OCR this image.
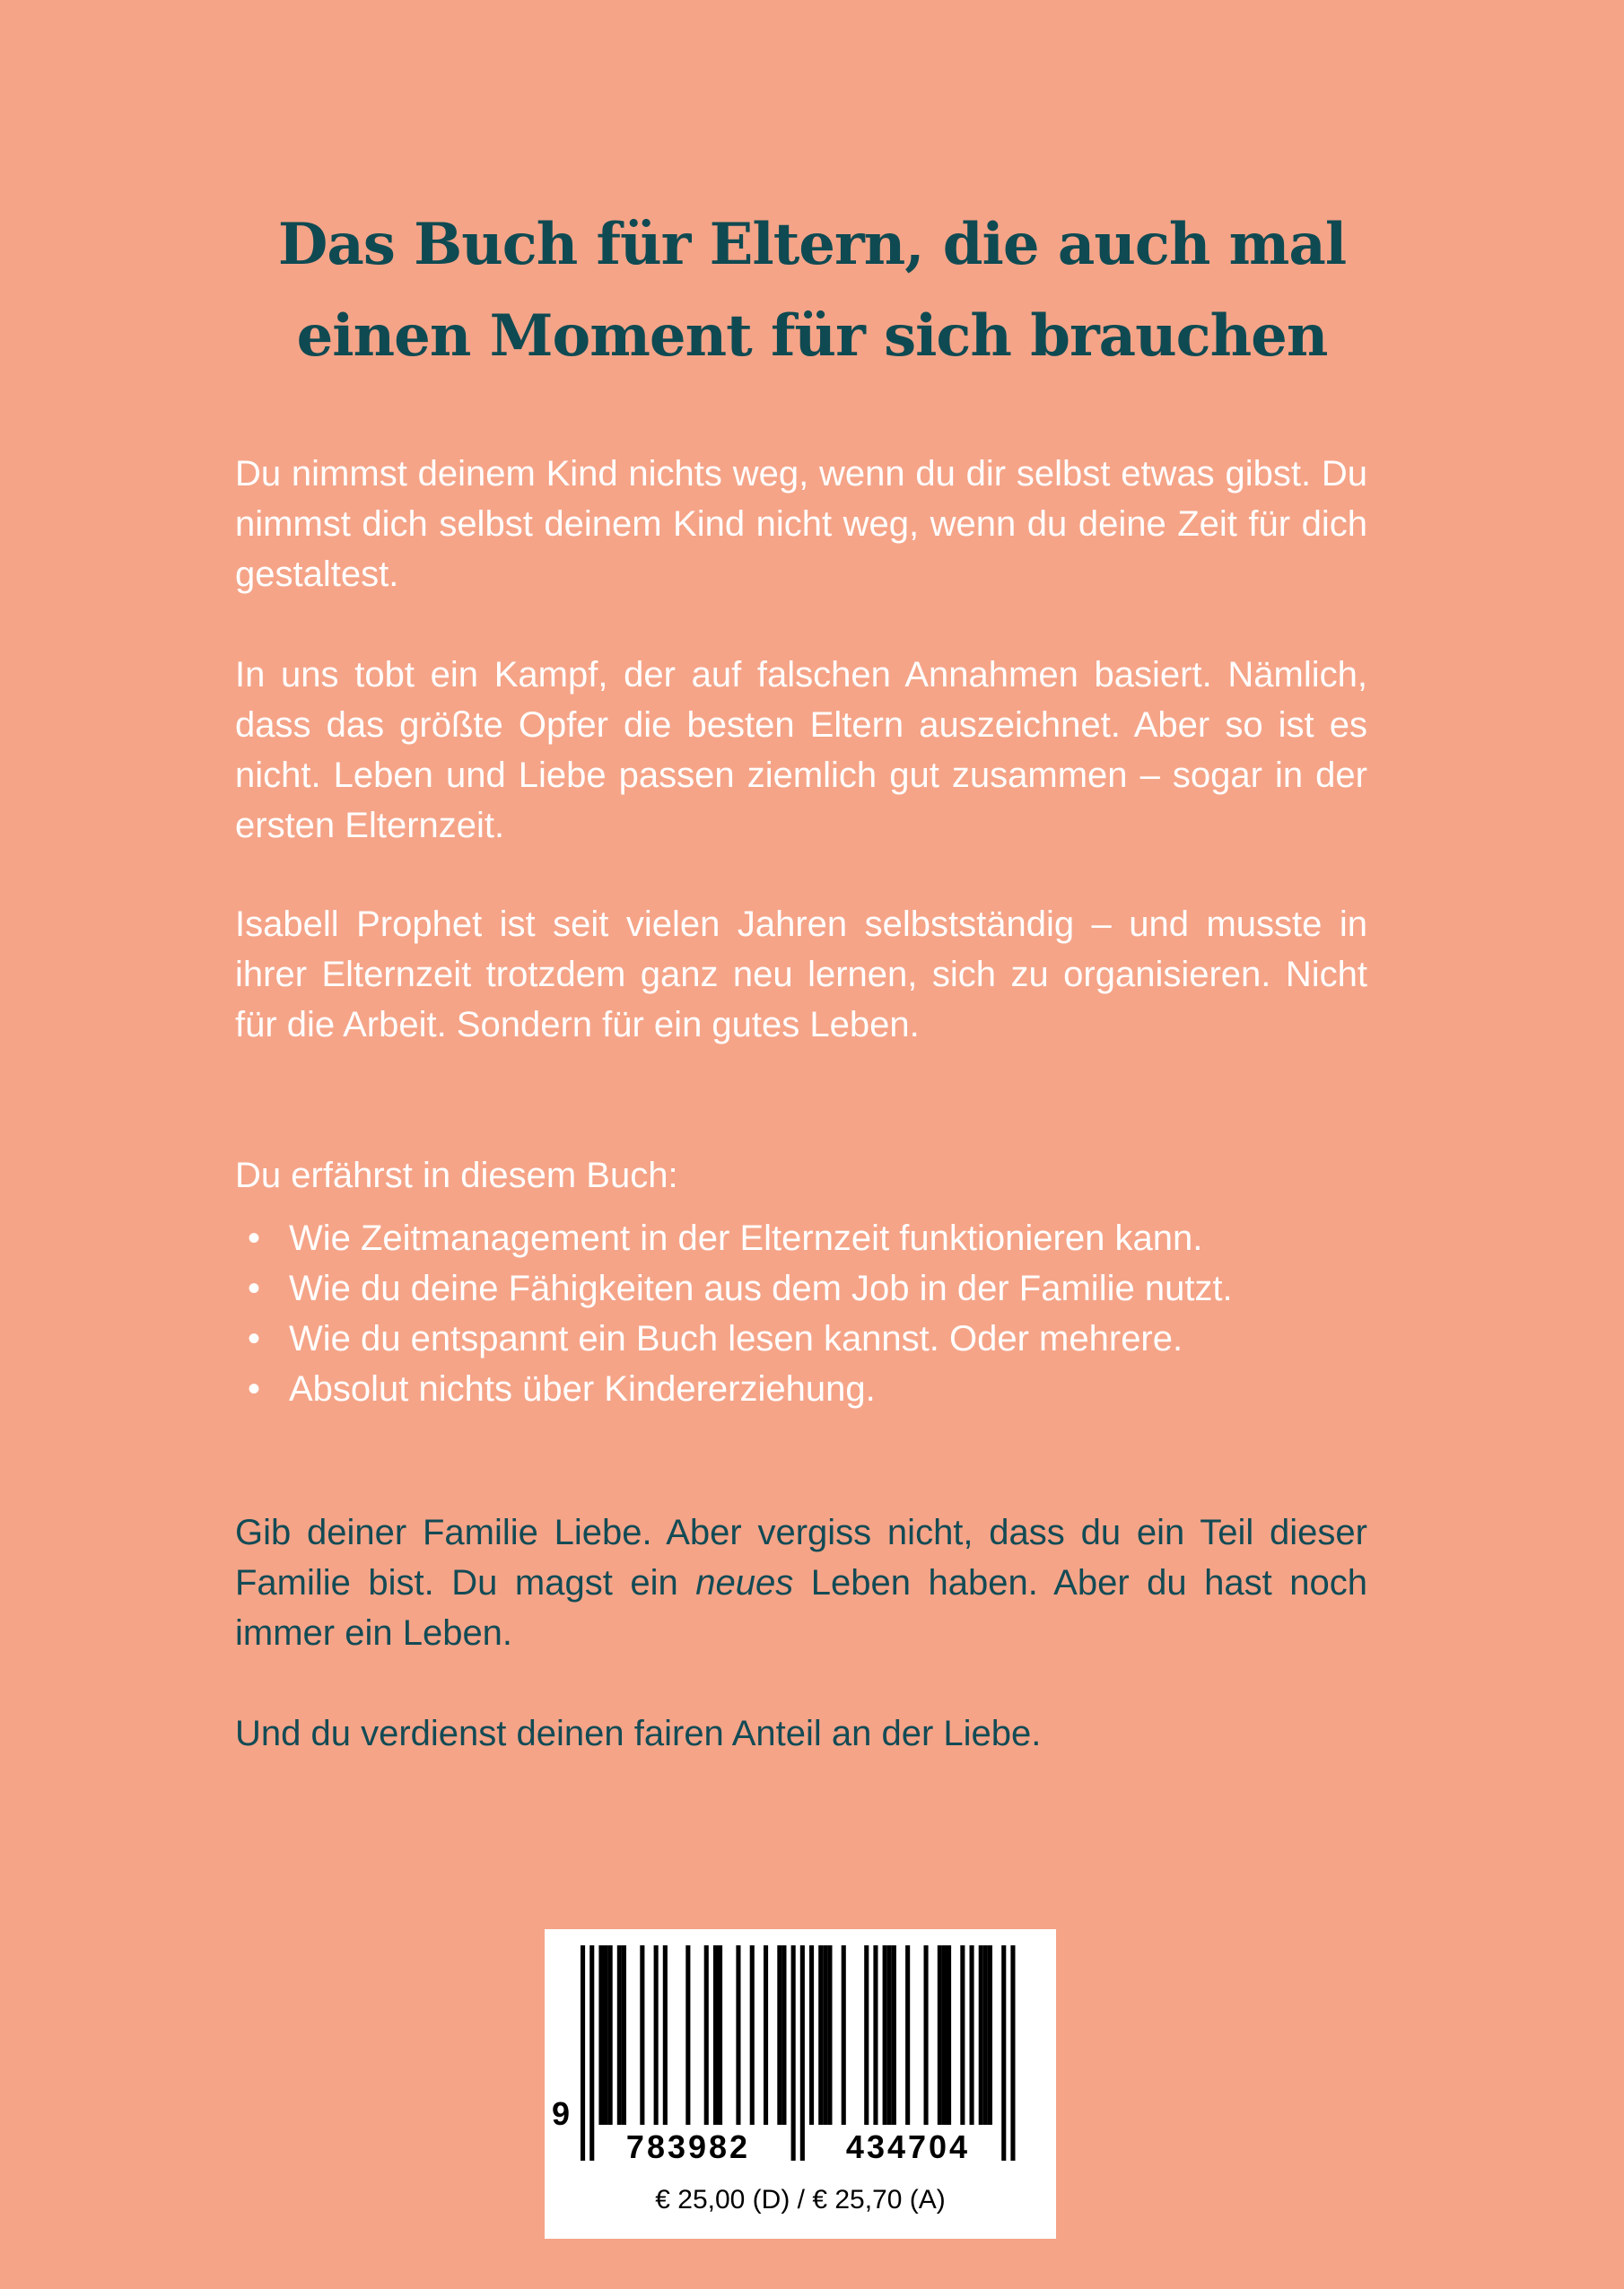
Das Buch für Eltern, die auch mal
einen Moment für sich brauchen

Du nimmst deinem Kind nichts weg, wenn du dir selbst etwas gibst. Du nimmst dich selbst deinem Kind nicht weg, wenn du deine Zeit für dich gestaltest.

In uns tobt ein Kampf, der auf falschen Annahmen basiert. Nämlich, dass das größte Opfer die besten Eltern auszeichnet. Aber so ist es nicht. Leben und Liebe passen ziemlich gut zusammen – sogar in der ersten Elternzeit.

Isabell Prophet ist seit vielen Jahren selbstständig – und musste in ihrer Elternzeit trotzdem ganz neu lernen, sich zu organisieren. Nicht für die Arbeit. Sondern für ein gutes Leben.

Du erfährst in diesem Buch:

• Wie Zeitmanagement in der Elternzeit funktionieren kann.
• Wie du deine Fähigkeiten aus dem Job in der Familie nutzt.
• Wie du entspannt ein Buch lesen kannst. Oder mehrere.
• Absolut nichts über Kindererziehung.

Gib deiner Familie Liebe. Aber vergiss nicht, dass du ein Teil dieser Familie bist. Du magst ein neues Leben haben. Aber du hast noch immer ein Leben.

Und du verdienst deinen fairen Anteil an der Liebe.

9
783982	434704
€ 25,00 (D) / € 25,70 (A)
